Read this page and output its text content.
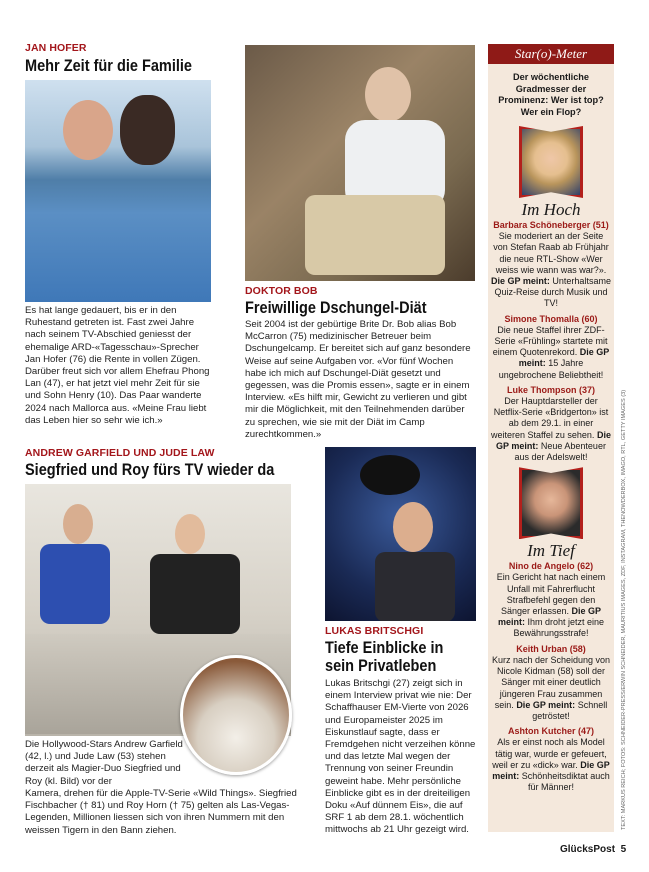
JAN HOFER
Mehr Zeit für die Familie
Es hat lange gedauert, bis er in den Ruhestand getreten ist. Fast zwei Jahre nach seinem TV-Abschied geniesst der ehemalige ARD-«Tagesschau»-Sprecher Jan Hofer (76) die Rente in vollen Zügen. Darüber freut sich vor allem Ehefrau Phong Lan (47), er hat jetzt viel mehr Zeit für sie und Sohn Henry (10). Das Paar wanderte 2024 nach Mallorca aus. «Meine Frau liebt das Leben hier so sehr wie ich.»
DOKTOR BOB
Freiwillige Dschungel-Diät
Seit 2004 ist der gebürtige Brite Dr. Bob alias Bob McCarron (75) medizinischer Betreuer beim Dschungelcamp. Er bereitet sich auf ganz besondere Weise auf seine Aufgaben vor. «Vor fünf Wochen habe ich mich auf Dschungel-Diät gesetzt und gegessen, was die Promis essen», sagte er in einem Interview. «Es hilft mir, Gewicht zu verlieren und gibt mir die Möglichkeit, mit den Teilnehmenden darüber zu sprechen, wie sie mit der Diät im Camp zurechtkommen.»
ANDREW GARFIELD UND JUDE LAW
Siegfried und Roy fürs TV wieder da
Die Hollywood-Stars Andrew Garfield (42, l.) und Jude Law (53) stehen derzeit als Magier-Duo Siegfried und Roy (kl. Bild) vor der
Kamera, drehen für die Apple-TV-Serie «Wild Things». Siegfried Fischbacher († 81) und Roy Horn († 75) gelten als Las-Vegas-Legenden, Millionen liessen sich von ihren Nummern mit den weissen Tigern in den Bann ziehen.
LUKAS BRITSCHGI
Tiefe Einblicke in sein Privatleben
Lukas Britschgi (27) zeigt sich in einem Interview privat wie nie: Der Schaffhauser EM-Vierte von 2026 und Europameister 2025 im Eiskunstlauf sagte, dass er Fremdgehen nicht verzeihen könne und das letzte Mal wegen der Trennung von seiner Freundin geweint habe. Mehr persönliche Einblicke gibt es in der dreiteiligen Doku «Auf dünnem Eis», die auf SRF 1 ab dem 28.1. wöchentlich mittwochs ab 21 Uhr gezeigt wird.
Star(o)-Meter
Der wöchentliche Gradmesser der Prominenz: Wer ist top? Wer ein Flop?
Im Hoch
Barbara Schöneberger (51)
Sie moderiert an der Seite von Stefan Raab ab Frühjahr die neue RTL-Show «Wer weiss wie wann was war?». Die GP meint: Unterhaltsame Quiz-Reise durch Musik und TV!
Simone Thomalla (60)
Die neue Staffel ihrer ZDF-Serie «Frühling» startete mit einem Quotenrekord. Die GP meint: 15 Jahre ungebrochene Beliebtheit!
Luke Thompson (37)
Der Hauptdarsteller der Netflix-Serie «Bridgerton» ist ab dem 29.1. in einer weiteren Staffel zu sehen. Die GP meint: Neue Abenteuer aus der Adelswelt!
Im Tief
Nino de Angelo (62)
Ein Gericht hat nach einem Unfall mit Fahrerflucht Strafbefehl gegen den Sänger erlassen. Die GP meint: Ihm droht jetzt eine Bewährungsstrafe!
Keith Urban (58)
Kurz nach der Scheidung von Nicole Kidman (58) soll der Sänger mit einer deutlich jüngeren Frau zusammen sein. Die GP meint: Schnell getröstet!
Ashton Kutcher (47)
Als er einst noch als Model tätig war, wurde er gefeuert, weil er zu «dick» war. Die GP meint: Schönheitsdiktat auch für Männer!	TEXT: MARKUS REICH; FOTOS: SCHNEIDER-PRESS/ERWIN SCHNEIDER, MAURITIUS IMAGES, ZDF, INSTAGRAM, THENOWDERBOX, IMAGO, RTL, GETTY IMAGES (3)
GlücksPost 5
